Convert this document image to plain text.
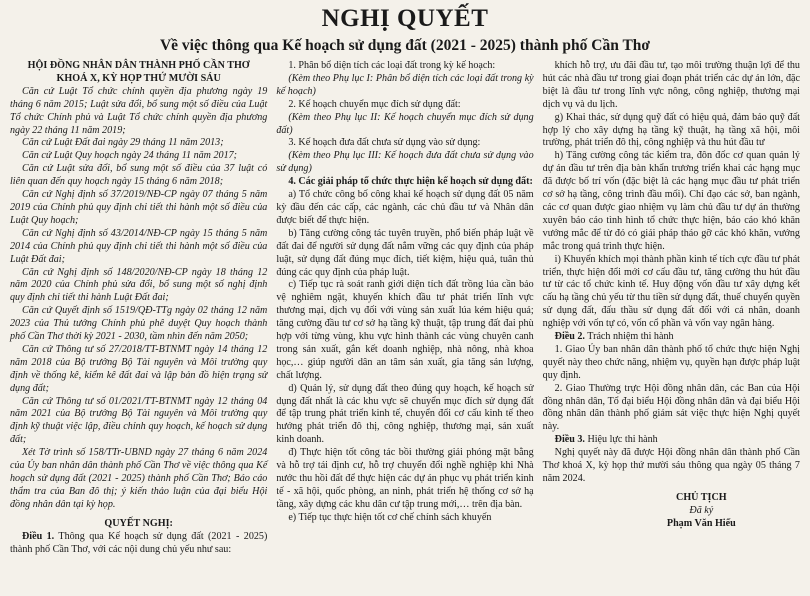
NGHỊ QUYẾT
Về việc thông qua Kế hoạch sử dụng đất (2021 - 2025) thành phố Cần Thơ

HỘI ĐỒNG NHÂN DÂN THÀNH PHỐ CẦN THƠ

KHOÁ X, KỲ HỌP THỨ MƯỜI SÁU

Căn cứ Luật Tổ chức chính quyền địa phương ngày 19 tháng 6 năm 2015; Luật sửa đổi, bổ sung một số điều của Luật Tổ chức Chính phủ và Luật Tổ chức chính quyền địa phương ngày 22 tháng 11 năm 2019;

Căn cứ Luật Đất đai ngày 29 tháng 11 năm 2013;

Căn cứ Luật Quy hoạch ngày 24 tháng 11 năm 2017;

Căn cứ Luật sửa đổi, bổ sung một số điều của 37 luật có liên quan đến quy hoạch ngày 15 tháng 6 năm 2018;

Căn cứ Nghị định số 37/2019/NĐ-CP ngày 07 tháng 5 năm 2019 của Chính phủ quy định chi tiết thi hành một số điều của Luật Quy hoạch;

Căn cứ Nghị định số 43/2014/NĐ-CP ngày 15 tháng 5 năm 2014 của Chính phủ quy định chi tiết thi hành một số điều của Luật Đất đai;

Căn cứ Nghị định số 148/2020/NĐ-CP ngày 18 tháng 12 năm 2020 của Chính phủ sửa đổi, bổ sung một số nghị định quy định chi tiết thi hành Luật Đất đai;

Căn cứ Quyết định số 1519/QĐ-TTg ngày 02 tháng 12 năm 2023 của Thủ tướng Chính phủ phê duyệt Quy hoạch thành phố Cần Thơ thời kỳ 2021 - 2030, tầm nhìn đến năm 2050;

Căn cứ Thông tư số 27/2018/TT-BTNMT ngày 14 tháng 12 năm 2018 của Bộ trưởng Bộ Tài nguyên và Môi trường quy định về thống kê, kiểm kê đất đai và lập bản đồ hiện trạng sử dụng đất;

Căn cứ Thông tư số 01/2021/TT-BTNMT ngày 12 tháng 04 năm 2021 của Bộ trưởng Bộ Tài nguyên và Môi trường quy định kỹ thuật việc lập, điều chỉnh quy hoạch, kế hoạch sử dụng đất;

Xét Tờ trình số 158/TTr-UBND ngày 27 tháng 6 năm 2024 của Ủy ban nhân dân thành phố Cần Thơ về việc thông qua Kế hoạch sử dụng đất (2021 - 2025) thành phố Cần Thơ; Báo cáo thẩm tra của Ban đô thị; ý kiến thảo luận của đại biểu Hội đồng nhân dân tại kỳ họp.

QUYẾT NGHỊ:

Điều 1. Thông qua Kế hoạch sử dụng đất (2021 - 2025) thành phố Cần Thơ, với các nội dung chủ yếu như sau:

1. Phân bổ diện tích các loại đất trong kỳ kế hoạch:

(Kèm theo Phụ lục I: Phân bổ diện tích các loại đất trong kỳ kế hoạch)

2. Kế hoạch chuyển mục đích sử dụng đất:

(Kèm theo Phụ lục II: Kế hoạch chuyển mục đích sử dụng đất)

3. Kế hoạch đưa đất chưa sử dụng vào sử dụng:

(Kèm theo Phụ lục III: Kế hoạch đưa đất chưa sử dụng vào sử dụng)

4. Các giải pháp tổ chức thực hiện kế hoạch sử dụng đất:

a) Tổ chức công bố công khai kế hoạch sử dụng đất 05 năm kỳ đầu đến các cấp, các ngành, các chủ đầu tư và Nhân dân được biết để thực hiện.

b) Tăng cường công tác tuyên truyền, phổ biến pháp luật về đất đai để người sử dụng đất nắm vững các quy định của pháp luật, sử dụng đất đúng mục đích, tiết kiệm, hiệu quả, tuân thủ đúng các quy định của pháp luật.

c) Tiếp tục rà soát ranh giới diện tích đất trồng lúa cần bảo vệ nghiêm ngặt, khuyến khích đầu tư phát triển lĩnh vực thương mại, dịch vụ đối với vùng sản xuất lúa kém hiệu quả; tăng cường đầu tư cơ sở hạ tầng kỹ thuật, tập trung đất đai phù hợp với từng vùng, khu vực hình thành các vùng chuyên canh trong sản xuất, gắn kết doanh nghiệp, nhà nông, nhà khoa học,… giúp người dân an tâm sản xuất, gia tăng sản lượng, chất lượng.

d) Quản lý, sử dụng đất theo đúng quy hoạch, kế hoạch sử dụng đất nhất là các khu vực sẽ chuyển mục đích sử dụng đất để tập trung phát triển kinh tế, chuyển đổi cơ cấu kinh tế theo hướng phát triển đô thị, công nghiệp, thương mại, sản xuất kinh doanh.

đ) Thực hiện tốt công tác bồi thường giải phóng mặt bằng và hỗ trợ tái định cư, hỗ trợ chuyển đổi nghề nghiệp khi Nhà nước thu hồi đất để thực hiện các dự án phục vụ phát triển kinh tế - xã hội, quốc phòng, an ninh, phát triển hệ thống cơ sở hạ tầng, xây dựng các khu dân cư tập trung mới,… trên địa bàn.

e) Tiếp tục thực hiện tốt cơ chế chính sách khuyến

khích hỗ trợ, ưu đãi đầu tư, tạo môi trường thuận lợi để thu hút các nhà đầu tư trong giai đoạn phát triển các dự án lớn, đặc biệt là đầu tư trong lĩnh vực nông, công nghiệp, thương mại dịch vụ và du lịch.

g) Khai thác, sử dụng quỹ đất có hiệu quả, đảm bảo quỹ đất hợp lý cho xây dựng hạ tầng kỹ thuật, hạ tầng xã hội, môi trường, phát triển đô thị, công nghiệp và thu hút đầu tư

h) Tăng cường công tác kiểm tra, đôn đốc cơ quan quản lý dự án đầu tư trên địa bàn khẩn trương triển khai các hạng mục đã được bố trí vốn (đặc biệt là các hạng mục đầu tư phát triển cơ sở hạ tầng, công trình đầu mối). Chỉ đạo các sở, ban ngành, các cơ quan được giao nhiệm vụ làm chủ đầu tư dự án thường xuyên báo cáo tình hình tổ chức thực hiện, báo cáo khó khăn vướng mắc để từ đó có giải pháp tháo gỡ các khó khăn, vướng mắc trong quá trình thực hiện.

i) Khuyến khích mọi thành phần kinh tế tích cực đầu tư phát triển, thực hiện đổi mới cơ cấu đầu tư, tăng cường thu hút đầu tư từ các tổ chức kinh tế. Huy động vốn đầu tư xây dựng kết cấu hạ tầng chủ yếu từ thu tiền sử dụng đất, thuế chuyển quyền sử dụng đất, đấu thầu sử dụng đất đối với cá nhân, doanh nghiệp với vốn tự có, vốn cổ phần và vốn vay ngân hàng.

Điều 2. Trách nhiệm thi hành

1. Giao Ủy ban nhân dân thành phố tổ chức thực hiện Nghị quyết này theo chức năng, nhiệm vụ, quyền hạn được pháp luật quy định.

2. Giao Thường trực Hội đồng nhân dân, các Ban của Hội đồng nhân dân, Tổ đại biểu Hội đồng nhân dân và đại biểu Hội đồng nhân dân thành phố giám sát việc thực hiện Nghị quyết này.

Điều 3. Hiệu lực thi hành

Nghị quyết này đã được Hội đồng nhân dân thành phố Cần Thơ khoá X, kỳ họp thứ mười sáu thông qua ngày 05 tháng 7 năm 2024.

CHỦ TỊCH

Đã ký

Phạm Văn Hiếu
